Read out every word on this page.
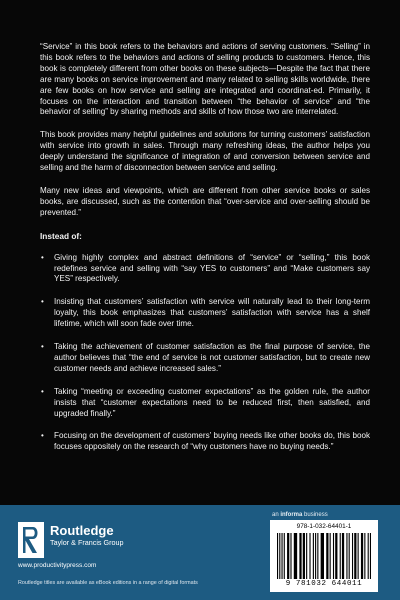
“Service” in this book refers to the behaviors and actions of serving customers. “Selling” in this book refers to the behaviors and actions of selling products to customers. Hence, this book is completely different from other books on these subjects—Despite the fact that there are many books on service improvement and many related to selling skills worldwide, there are few books on how service and selling are integrated and coordinat-ed. Primarily, it focuses on the interaction and transition between “the behavior of service” and “the behavior of selling” by sharing methods and skills of how those two are interrelated.

This book provides many helpful guidelines and solutions for turning customers’ satisfaction with service into growth in sales. Through many refreshing ideas, the author helps you deeply understand the significance of integration of and conversion between service and selling and the harm of disconnection between service and selling.

Many new ideas and viewpoints, which are different from other service books or sales books, are discussed, such as the contention that “over-service and over-selling should be prevented.”

Instead of:
• Giving highly complex and abstract definitions of “service” or “selling,” this book redefines service and selling with “say YES to customers” and “Make customers say YES” respectively.
• Insisting that customers’ satisfaction with service will naturally lead to their long-term loyalty, this book emphasizes that customers’ satisfaction with service has a shelf lifetime, which will soon fade over time.
• Taking the achievement of customer satisfaction as the final purpose of service, the author believes that “the end of service is not customer satisfaction, but to create new customer needs and achieve increased sales.”
• Taking “meeting or exceeding customer expectations” as the golden rule, the author insists that “customer expectations need to be reduced first, then satisfied, and upgraded finally.”
• Focusing on the development of customers’ buying needs like other books do, this book focuses oppositely on the research of “why customers have no buying needs.”
an informa business
Routledge
Taylor & Francis Group
www.productivitypress.com
Routledge titles are available as eBook editions in a range of digital formats
978-1-032-64401-1
9 781032 644011
